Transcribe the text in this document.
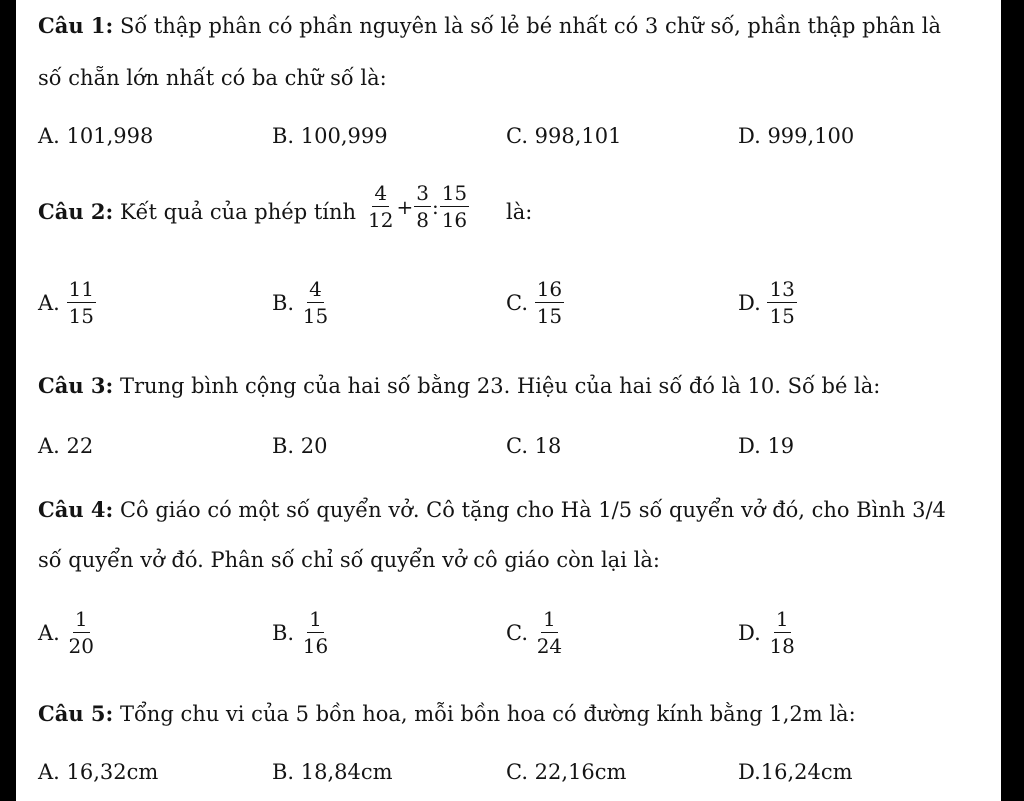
Câu 1: Số thập phân có phần nguyên là số lẻ bé nhất có 3 chữ số, phần thập phân là
số chẵn lớn nhất có ba chữ số là:
A. 101,998	B. 100,999	C. 998,101	D. 999,100
Câu 2: Kết quả của phép tính $\frac{4}{12} + \frac{3}{8}$ : $\frac{15}{16}$ là:
A. $\frac{11}{15}$	B. $\frac{4}{15}$	C. $\frac{16}{15}$	D. $\frac{13}{15}$
Câu 3: Trung bình cộng của hai số bằng 23. Hiệu của hai số đó là 10. Số bé là:
A. 22	B. 20	C. 18	D. 19
Câu 4: Cô giáo có một số quyển vở. Cô tặng cho Hà 1/5 số quyển vở đó, cho Bình 3/4
số quyển vở đó. Phân số chỉ số quyển vở cô giáo còn lại là:
A. $\frac{1}{20}$	B. $\frac{1}{16}$	C. $\frac{1}{24}$	D. $\frac{1}{18}$
Câu 5: Tổng chu vi của 5 bồn hoa, mỗi bồn hoa có đường kính bằng 1,2m là:
A. 16,32cm	B. 18,84cm	C. 22,16cm	D.16,24cm
